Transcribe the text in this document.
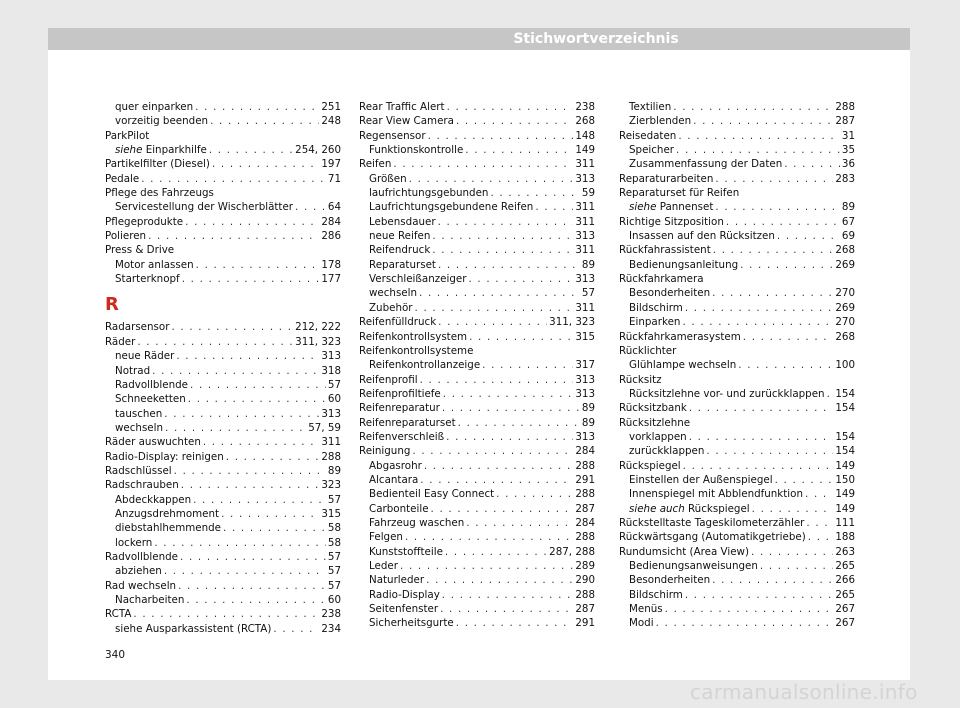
Stichwortverzeichnis
quer einparken . . .	251
vorzeitig beenden . . .	248
ParkPilot
siehe Einparkhilfe . . .	254, 260
Partikelfilter (Diesel) . . .	197
Pedale . . .	71
Pflege des Fahrzeugs
Servicestellung der Wischerblätter . . .	64
Pflegeprodukte . . .	284
Polieren . . .	286
Press & Drive
Motor anlassen . . .	178
Starterknopf . . .	177
R
Radarsensor . . .	212, 222
Räder . . .	311, 323
neue Räder . . .	313
Notrad . . .	318
Radvollblende . . .	57
Schneeketten . . .	60
tauschen . . .	313
wechseln . . .	57, 59
Räder auswuchten . . .	311
Radio-Display: reinigen . . .	288
Radschlüssel . . .	89
Radschrauben . . .	323
Abdeckkappen . . .	57
Anzugsdrehmoment . . .	315
diebstahlhemmende . . .	58
lockern . . .	58
Radvollblende . . .	57
abziehen . . .	57
Rad wechseln . . .	57
Nacharbeiten . . .	60
RCTA . . .	238
siehe Ausparkassistent (RCTA) . . .	234
Rear Traffic Alert . . .	238
Rear View Camera . . .	268
Regensensor . . .	148
Funktionskontrolle . . .	149
Reifen . . .	311
Größen . . .	313
laufrichtungsgebunden . . .	59
Laufrichtungsgebundene Reifen . . .	311
Lebensdauer . . .	311
neue Reifen . . .	313
Reifendruck . . .	311
Reparaturset . . .	89
Verschleißanzeiger . . .	313
wechseln . . .	57
Zubehör . . .	311
Reifenfülldruck . . .	311, 323
Reifenkontrollsystem . . .	315
Reifenkontrollsysteme
Reifenkontrollanzeige . . .	317
Reifenprofil . . .	313
Reifenprofiltiefe . . .	313
Reifenreparatur . . .	89
Reifenreparaturset . . .	89
Reifenverschleiß . . .	313
Reinigung . . .	284
Abgasrohr . . .	288
Alcantara . . .	291
Bedienteil Easy Connect . . .	288
Carbonteile . . .	287
Fahrzeug waschen . . .	284
Felgen . . .	288
Kunststoffteile . . .	287, 288
Leder . . .	289
Naturleder . . .	290
Radio-Display . . .	288
Seitenfenster . . .	287
Sicherheitsgurte . . .	291
Textilien . . .	288
Zierblenden . . .	287
Reisedaten . . .	31
Speicher . . .	35
Zusammenfassung der Daten . . .	36
Reparaturarbeiten . . .	283
Reparaturset für Reifen
siehe Pannenset . . .	89
Richtige Sitzposition . . .	67
Insassen auf den Rücksitzen . . .	69
Rückfahrassistent . . .	268
Bedienungsanleitung . . .	269
Rückfahrkamera
Besonderheiten . . .	270
Bildschirm . . .	269
Einparken . . .	270
Rückfahrkamerasystem . . .	268
Rücklichter
Glühlampe wechseln . . .	100
Rücksitz
Rücksitzlehne vor- und zurückklappen . . . 154
Rücksitzbank . . .	154
Rücksitzlehne
vorklappen . . .	154
zurückklappen . . .	154
Rückspiegel . . .	149
Einstellen der Außenspiegel . . .	150
Innenspiegel mit Abblendfunktion . . .	149
siehe auch Rückspiegel . . .	149
Rückstelltaste Tageskilometerzähler . . .	111
Rückwärtsgang (Automatikgetriebe) . . .	188
Rundumsicht (Area View) . . .	263
Bedienungsanweisungen . . .	265
Besonderheiten . . .	266
Bildschirm . . .	265
Menüs . . .	267
Modi . . .	267
340
carmanualsonline.info
